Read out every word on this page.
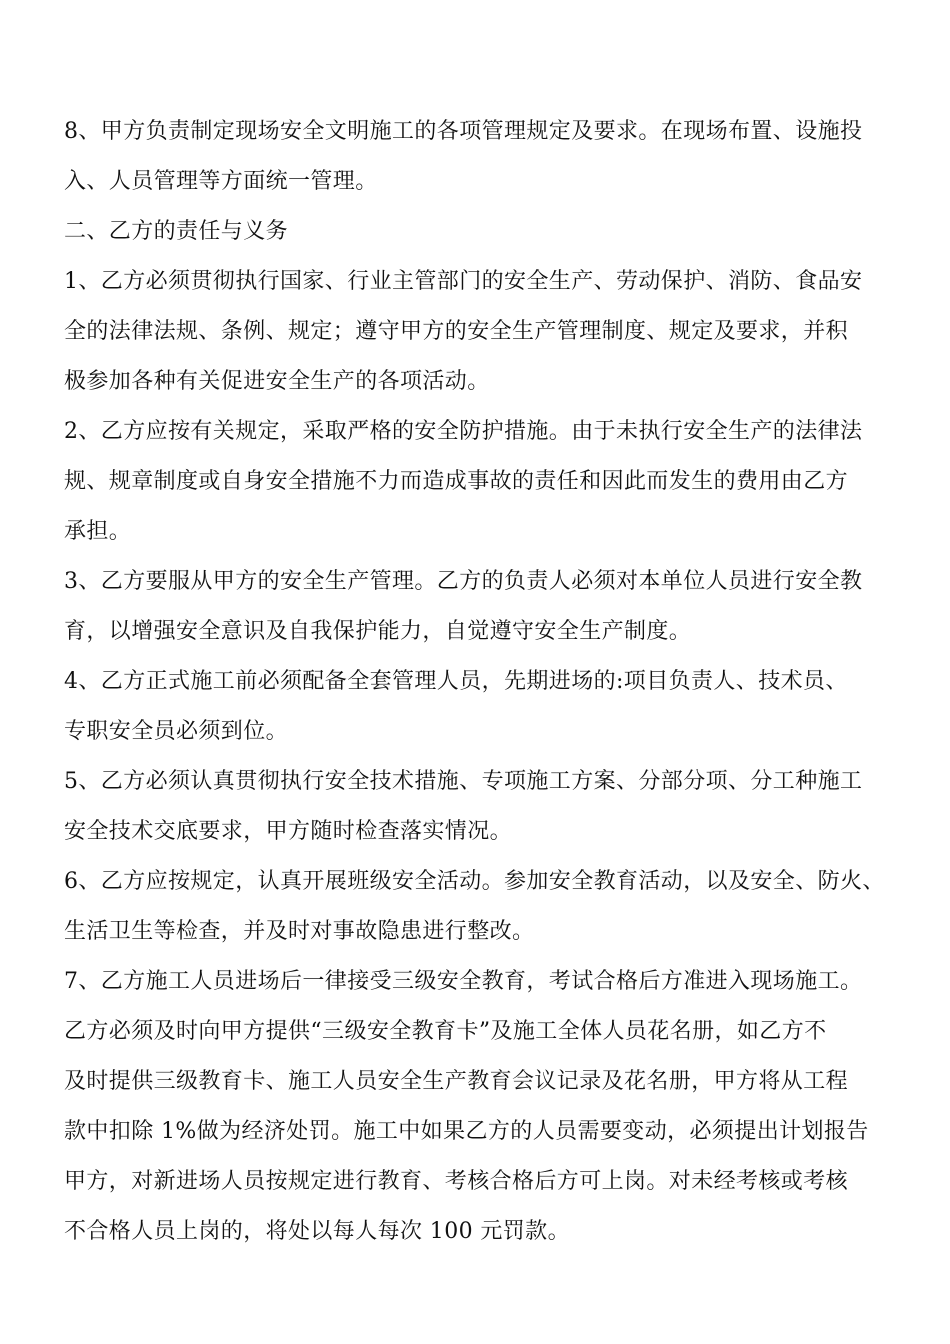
8、甲方负责制定现场安全文明施工的各项管理规定及要求。在现场布置、设施投
入、人员管理等方面统一管理。
二、乙方的责任与义务
1、乙方必须贯彻执行国家、行业主管部门的安全生产、劳动保护、消防、食品安
全的法律法规、条例、规定；遵守甲方的安全生产管理制度、规定及要求，并积
极参加各种有关促进安全生产的各项活动。
2、乙方应按有关规定，采取严格的安全防护措施。由于未执行安全生产的法律法
规、规章制度或自身安全措施不力而造成事故的责任和因此而发生的费用由乙方
承担。
3、乙方要服从甲方的安全生产管理。乙方的负责人必须对本单位人员进行安全教
育，以增强安全意识及自我保护能力，自觉遵守安全生产制度。
4、乙方正式施工前必须配备全套管理人员，先期进场的:项目负责人、技术员、
专职安全员必须到位。
5、乙方必须认真贯彻执行安全技术措施、专项施工方案、分部分项、分工种施工
安全技术交底要求，甲方随时检查落实情况。
6、乙方应按规定，认真开展班级安全活动。参加安全教育活动，以及安全、防火、
生活卫生等检查，并及时对事故隐患进行整改。
7、乙方施工人员进场后一律接受三级安全教育，考试合格后方准进入现场施工。
乙方必须及时向甲方提供“三级安全教育卡”及施工全体人员花名册，如乙方不
及时提供三级教育卡、施工人员安全生产教育会议记录及花名册，甲方将从工程
款中扣除 1%做为经济处罚。施工中如果乙方的人员需要变动，必须提出计划报告
甲方，对新进场人员按规定进行教育、考核合格后方可上岗。对未经考核或考核
不合格人员上岗的，将处以每人每次 100 元罚款。
